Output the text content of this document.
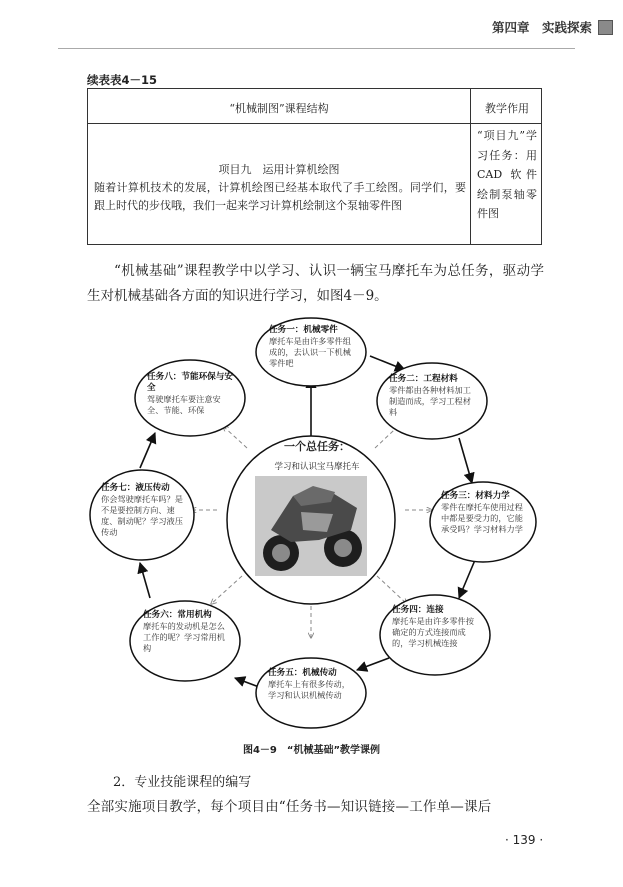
第四章　实践探索
续表表4－15
“机械制图”课程结构	教学作用
项目九　运用计算机绘图
随着计算机技术的发展，计算机绘图已经基本取代了手工绘图。同学们，要跟上时代的步伐哦，我们一起来学习计算机绘制这个泵轴零件图
“项目九”学习任务：用 CAD 软件绘制泵轴零件图
“机械基础”课程教学中以学习、认识一辆宝马摩托车为总任务，驱动学生对机械基础各方面的知识进行学习，如图4－9。
一个总任务：
学习和认识宝马摩托车
任务一：机械零件
摩托车是由许多零件组成的，去认识一下机械零件吧
任务二：工程材料
零件都由各种材料加工制造而成，学习工程材料
任务三：材料力学
零件在摩托车使用过程中都是要受力的，它能承受吗？学习材料力学
任务四：连接
摩托车是由许多零件按确定的方式连接而成的，学习机械连接
任务五：机械传动
摩托车上有很多传动，学习和认识机械传动
任务六：常用机构
摩托车的发动机是怎么工作的呢？学习常用机构
任务七：液压传动
你会驾驶摩托车吗？是不是要控制方向、速度、制动呢？学习液压传动
任务八：节能环保与安全
驾驶摩托车要注意安全、节能、环保
图4－9　“机械基础”教学课例
2．专业技能课程的编写
全部实施项目教学，每个项目由“任务书—知识链接—工作单—课后
· 139 ·
